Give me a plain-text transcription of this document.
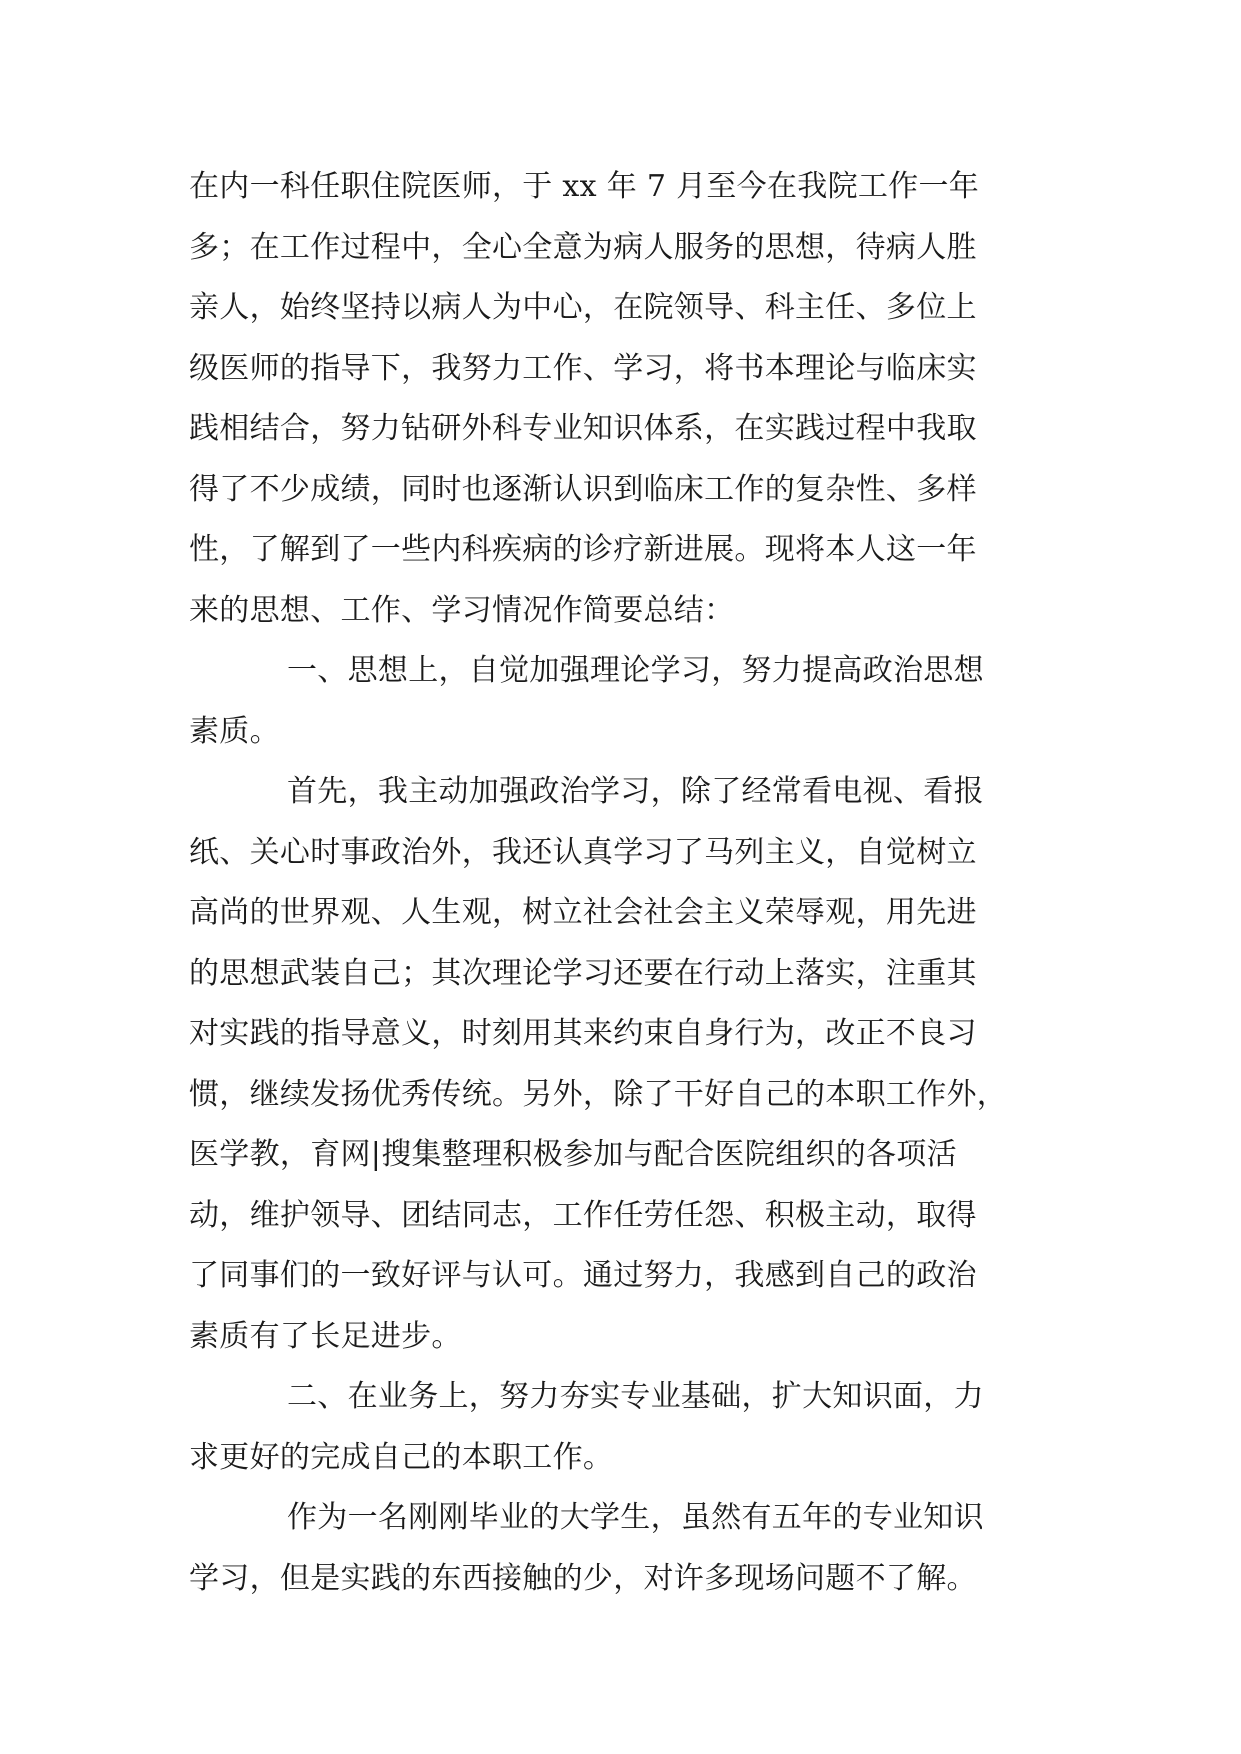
在内一科任职住院医师，于 xx 年 7 月至今在我院工作一年
多；在工作过程中，全心全意为病人服务的思想，待病人胜
亲人，始终坚持以病人为中心，在院领导、科主任、多位上
级医师的指导下，我努力工作、学习，将书本理论与临床实
践相结合，努力钻研外科专业知识体系，在实践过程中我取
得了不少成绩，同时也逐渐认识到临床工作的复杂性、多样
性，了解到了一些内科疾病的诊疗新进展。现将本人这一年
来的思想、工作、学习情况作简要总结：
一、思想上，自觉加强理论学习，努力提高政治思想
素质。
首先，我主动加强政治学习，除了经常看电视、看报
纸、关心时事政治外，我还认真学习了马列主义，自觉树立
高尚的世界观、人生观，树立社会社会主义荣辱观，用先进
的思想武装自己；其次理论学习还要在行动上落实，注重其
对实践的指导意义，时刻用其来约束自身行为，改正不良习
惯，继续发扬优秀传统。另外，除了干好自己的本职工作外，
医学教，育网|搜集整理积极参加与配合医院组织的各项活
动，维护领导、团结同志，工作任劳任怨、积极主动，取得
了同事们的一致好评与认可。通过努力，我感到自己的政治
素质有了长足进步。
二、在业务上，努力夯实专业基础，扩大知识面，力
求更好的完成自己的本职工作。
作为一名刚刚毕业的大学生，虽然有五年的专业知识
学习，但是实践的东西接触的少，对许多现场问题不了解。
